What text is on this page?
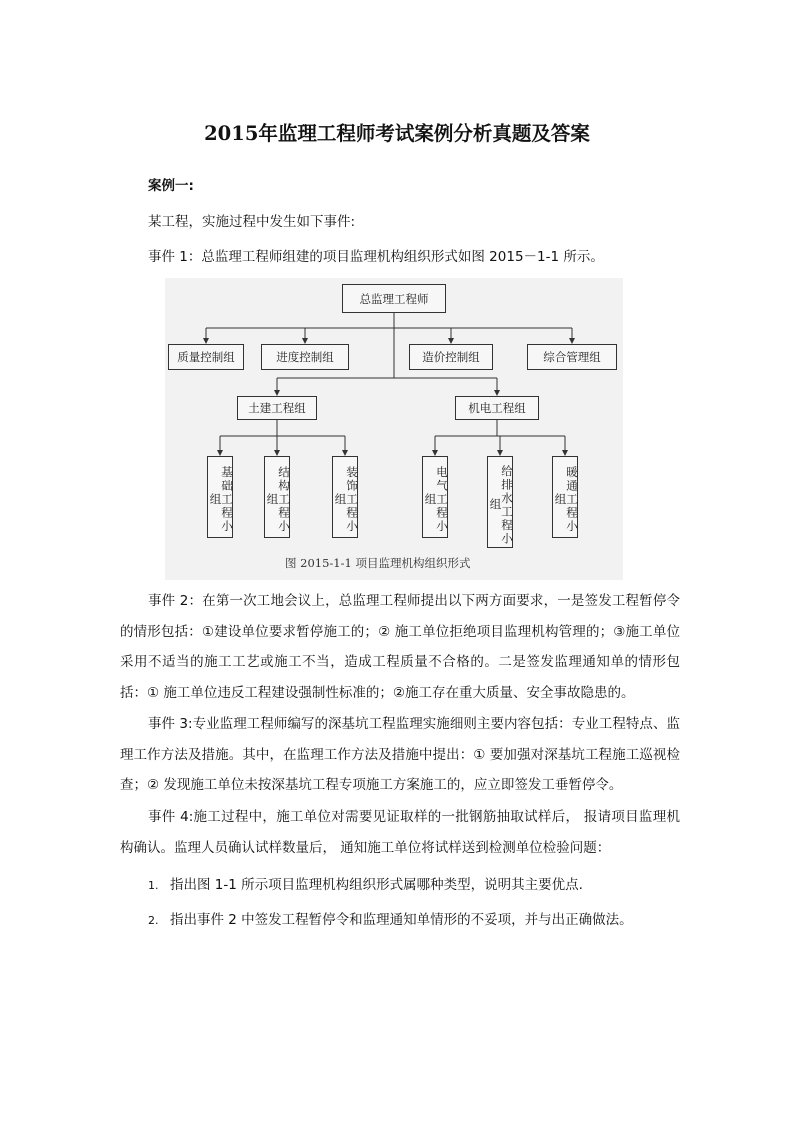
2015年监理工程师考试案例分析真题及答案
案例一:
某工程，实施过程中发生如下事件:
事件 1：总监理工程师组建的项目监理机构组织形式如图 2015－1-1 所示。
总监理工程师
质量控制组	进度控制组	造价控制组	综合管理组
土建工程组	机电工程组
基础工程小组	结构工程小组	装饰工程小组	电气工程小组	给排水工程小组	暖通工程小组
图 2015-1-1 项目监理机构组织形式
事件 2：在第一次工地会议上，总监理工程师提出以下两方面要求，一是签发工程暂停令的情形包括：①建设单位要求暂停施工的；② 施工单位拒绝项目监理机构管理的；③施工单位采用不适当的施工工艺或施工不当，造成工程质量不合格的。二是签发监理通知单的情形包括：① 施工单位违反工程建设强制性标准的；②施工存在重大质量、安全事故隐患的。
事件 3:专业监理工程师编写的深基坑工程监理实施细则主要内容包括：专业工程特点、监理工作方法及措施。其中，在监理工作方法及措施中提出：① 要加强对深基坑工程施工巡视检查；② 发现施工单位未按深基坑工程专项施工方案施工的，应立即签发工垂暂停令。
事件 4:施工过程中，施工单位对需要见证取样的一批钢筋抽取试样后， 报请项目监理机构确认。监理人员确认试样数量后， 通知施工单位将试样送到检测单位检验问题：
1. 指出图 1-1 所示项目监理机构组织形式属哪种类型，说明其主要优点.
2. 指出事件 2 中签发工程暂停令和监理通知单情形的不妥项，并与出正确做法。
